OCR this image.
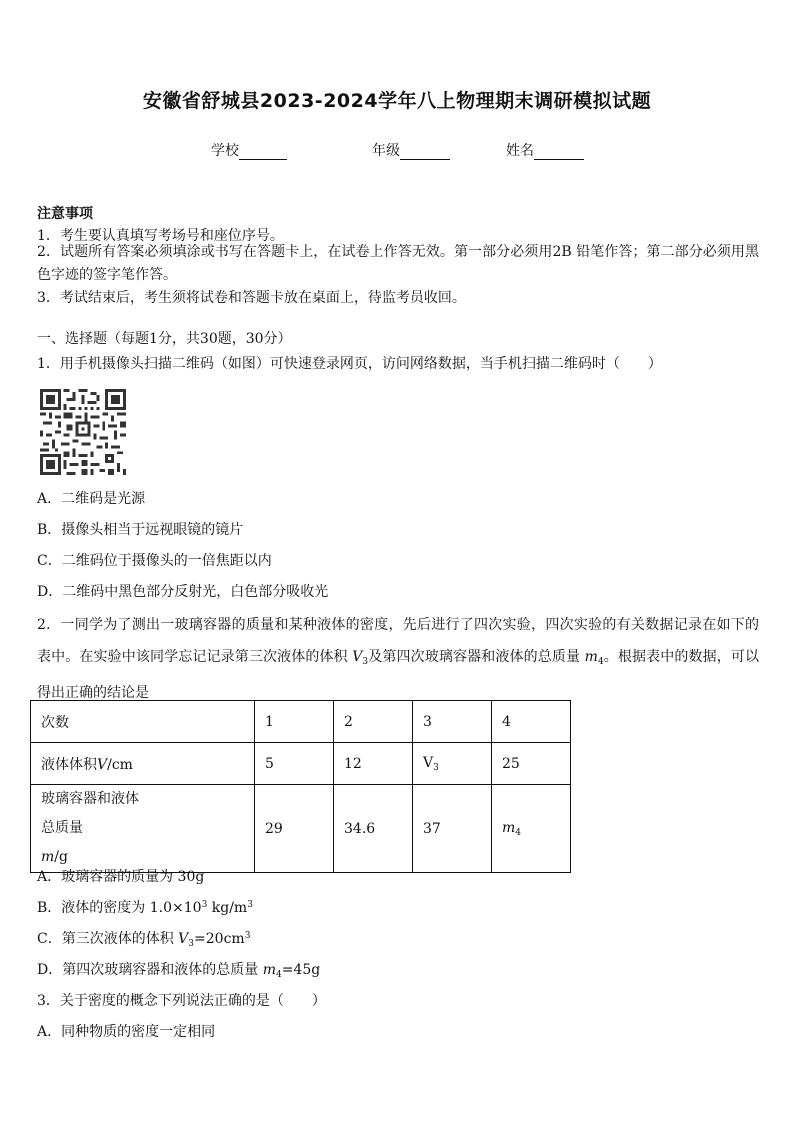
安徽省舒城县2023-2024学年八上物理期末调研模拟试题
学校	年级	姓名
注意事项
1．考生要认真填写考场号和座位序号。
2．试题所有答案必须填涂或书写在答题卡上，在试卷上作答无效。第一部分必须用2B 铅笔作答；第二部分必须用黑色字迹的签字笔作答。
3．考试结束后，考生须将试卷和答题卡放在桌面上，待监考员收回。
一、选择题（每题1分，共30题，30分）
1．用手机摄像头扫描二维码（如图）可快速登录网页，访问网络数据，当手机扫描二维码时（　　）
A．二维码是光源
B．摄像头相当于远视眼镜的镜片
C．二维码位于摄像头的一倍焦距以内
D．二维码中黑色部分反射光，白色部分吸收光
2．一同学为了测出一玻璃容器的质量和某种液体的密度，先后进行了四次实验，四次实验的有关数据记录在如下的表中。在实验中该同学忘记记录第三次液体的体积 $V_3$及第四次玻璃容器和液体的总质量 $m_4$。根据表中的数据，可以得出正确的结论是
次数	1	2	3	4
液体体积V/cm	5	12	$V_3$	25

玻璃容器和液体
总质量
m/g	29	34.6	37	$m_4$
A．玻璃容器的质量为 30g
B．液体的密度为 $1.0\times 10^3$ $kg/m^3$
C．第三次液体的体积 $V_3=20cm^3$
D．第四次玻璃容器和液体的总质量 $m_4=45g$
3．关于密度的概念下列说法正确的是（　　）
A．同种物质的密度一定相同
